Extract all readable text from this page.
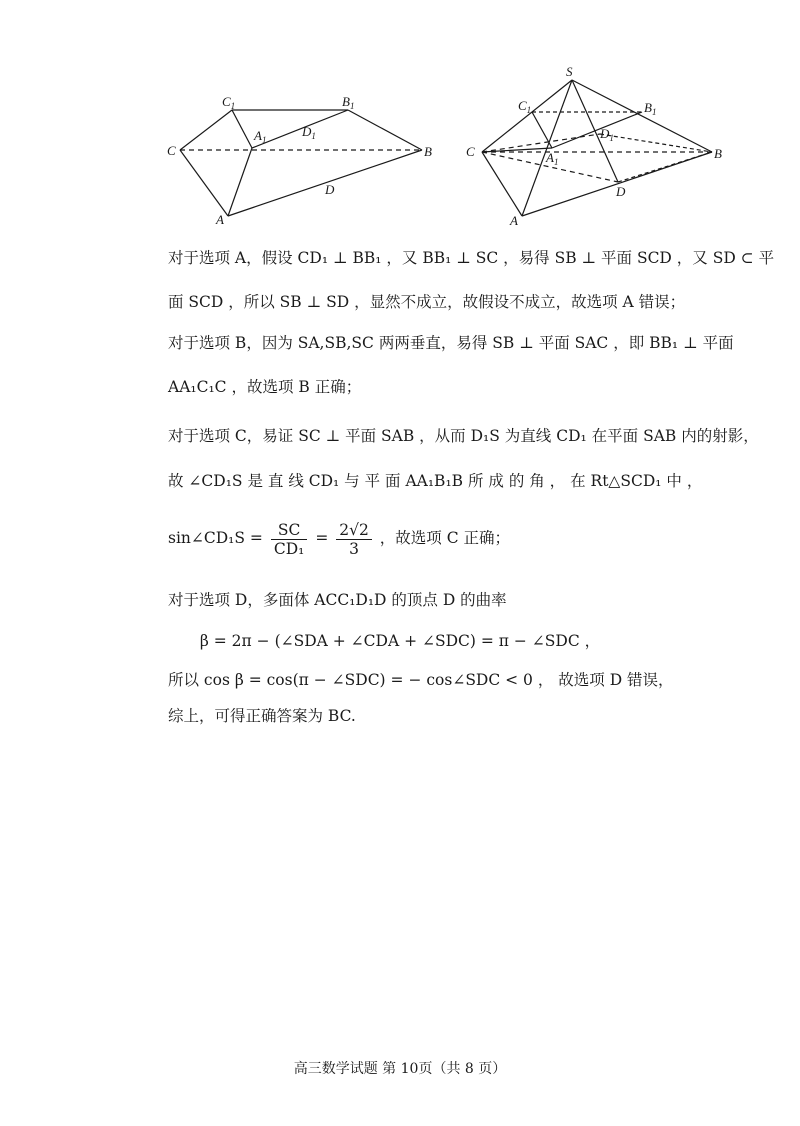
$C_1$	$B_1$
$A_1$
$D_1$
C	B
D
A
S
$C_1$	$B_1$
$D_1$
$A_1$
C	B
D
A
对于选项 A，假设 CD₁ ⊥ BB₁ ，又 BB₁ ⊥ SC ，易得 SB ⊥ 平面 SCD ，又 SD ⊂ 平
面 SCD ，所以 SB ⊥ SD ，显然不成立，故假设不成立，故选项 A 错误；
对于选项 B，因为 SA,SB,SC 两两垂直，易得 SB ⊥ 平面 SAC ，即 BB₁ ⊥ 平面
AA₁C₁C ，故选项 B 正确；
对于选项 C，易证 SC ⊥ 平面 SAB ，从而 D₁S 为直线 CD₁ 在平面 SAB 内的射影，
故 ∠CD₁S 是 直 线 CD₁ 与 平 面 AA₁B₁B 所 成 的 角 ， 在 Rt△SCD₁ 中 ，
sin∠CD₁S = $\frac{SC}{\text{CD₁}} = \frac{2√2}{3}$ ，故选项 C 正确；
对于选项 D，多面体 ACC₁D₁D 的顶点 D 的曲率
β = 2π − (∠SDA + ∠CDA + ∠SDC) = π − ∠SDC ，
所以 cos β = cos(π − ∠SDC) = − cos∠SDC < 0 ， 故选项 D 错误，
综上，可得正确答案为 BC.
高三数学试题 第 10页（共 8 页）
